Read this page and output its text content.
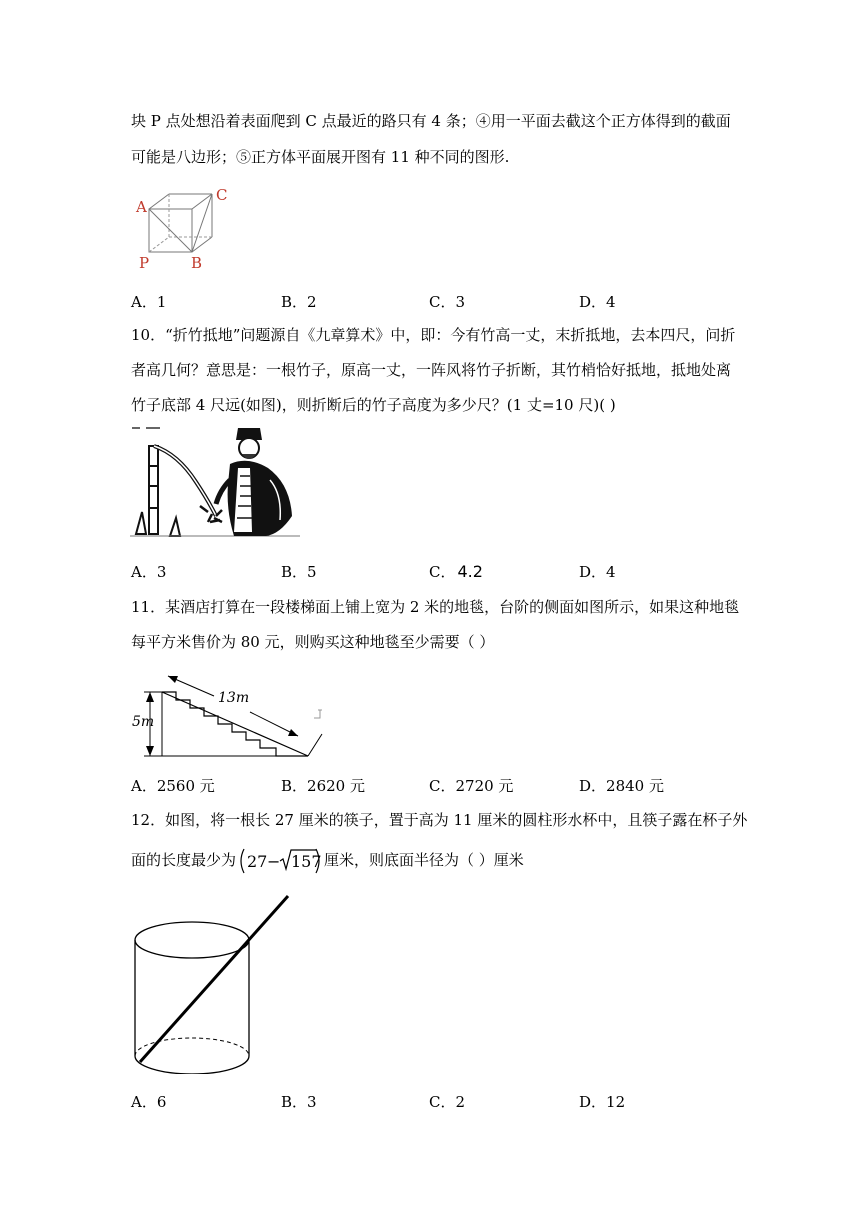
块 P 点处想沿着表面爬到 C 点最近的路只有 4 条；④用一平面去截这个正方体得到的截面
可能是八边形；⑤正方体平面展开图有 11 种不同的图形.
A
C
P	B
A．1	B．2	C．3	D．4
10．“折竹抵地”问题源自《九章算术》中，即：今有竹高一丈，末折抵地，去本四尺，问折
者高几何？意思是：一根竹子，原高一丈，一阵风将竹子折断，其竹梢恰好抵地，抵地处离
竹子底部 4 尺远(如图)，则折断后的竹子高度为多少尺？(1 丈=10 尺)( )
A．3	B．5	C． 4.2	D．4
11．某酒店打算在一段楼梯面上铺上宽为 2 米的地毯，台阶的侧面如图所示，如果这种地毯
每平方米售价为 80 元，则购买这种地毯至少需要（ ）
5m
13m
A．2560 元	B．2620 元	C．2720 元	D．2840 元
12．如图，将一根长 27 厘米的筷子，置于高为 11 厘米的圆柱形水杯中，且筷子露在杯子外
面的长度最少为 27 − 157 厘米，则底面半径为（ ）厘米
A．6	B．3	C．2	D．12
